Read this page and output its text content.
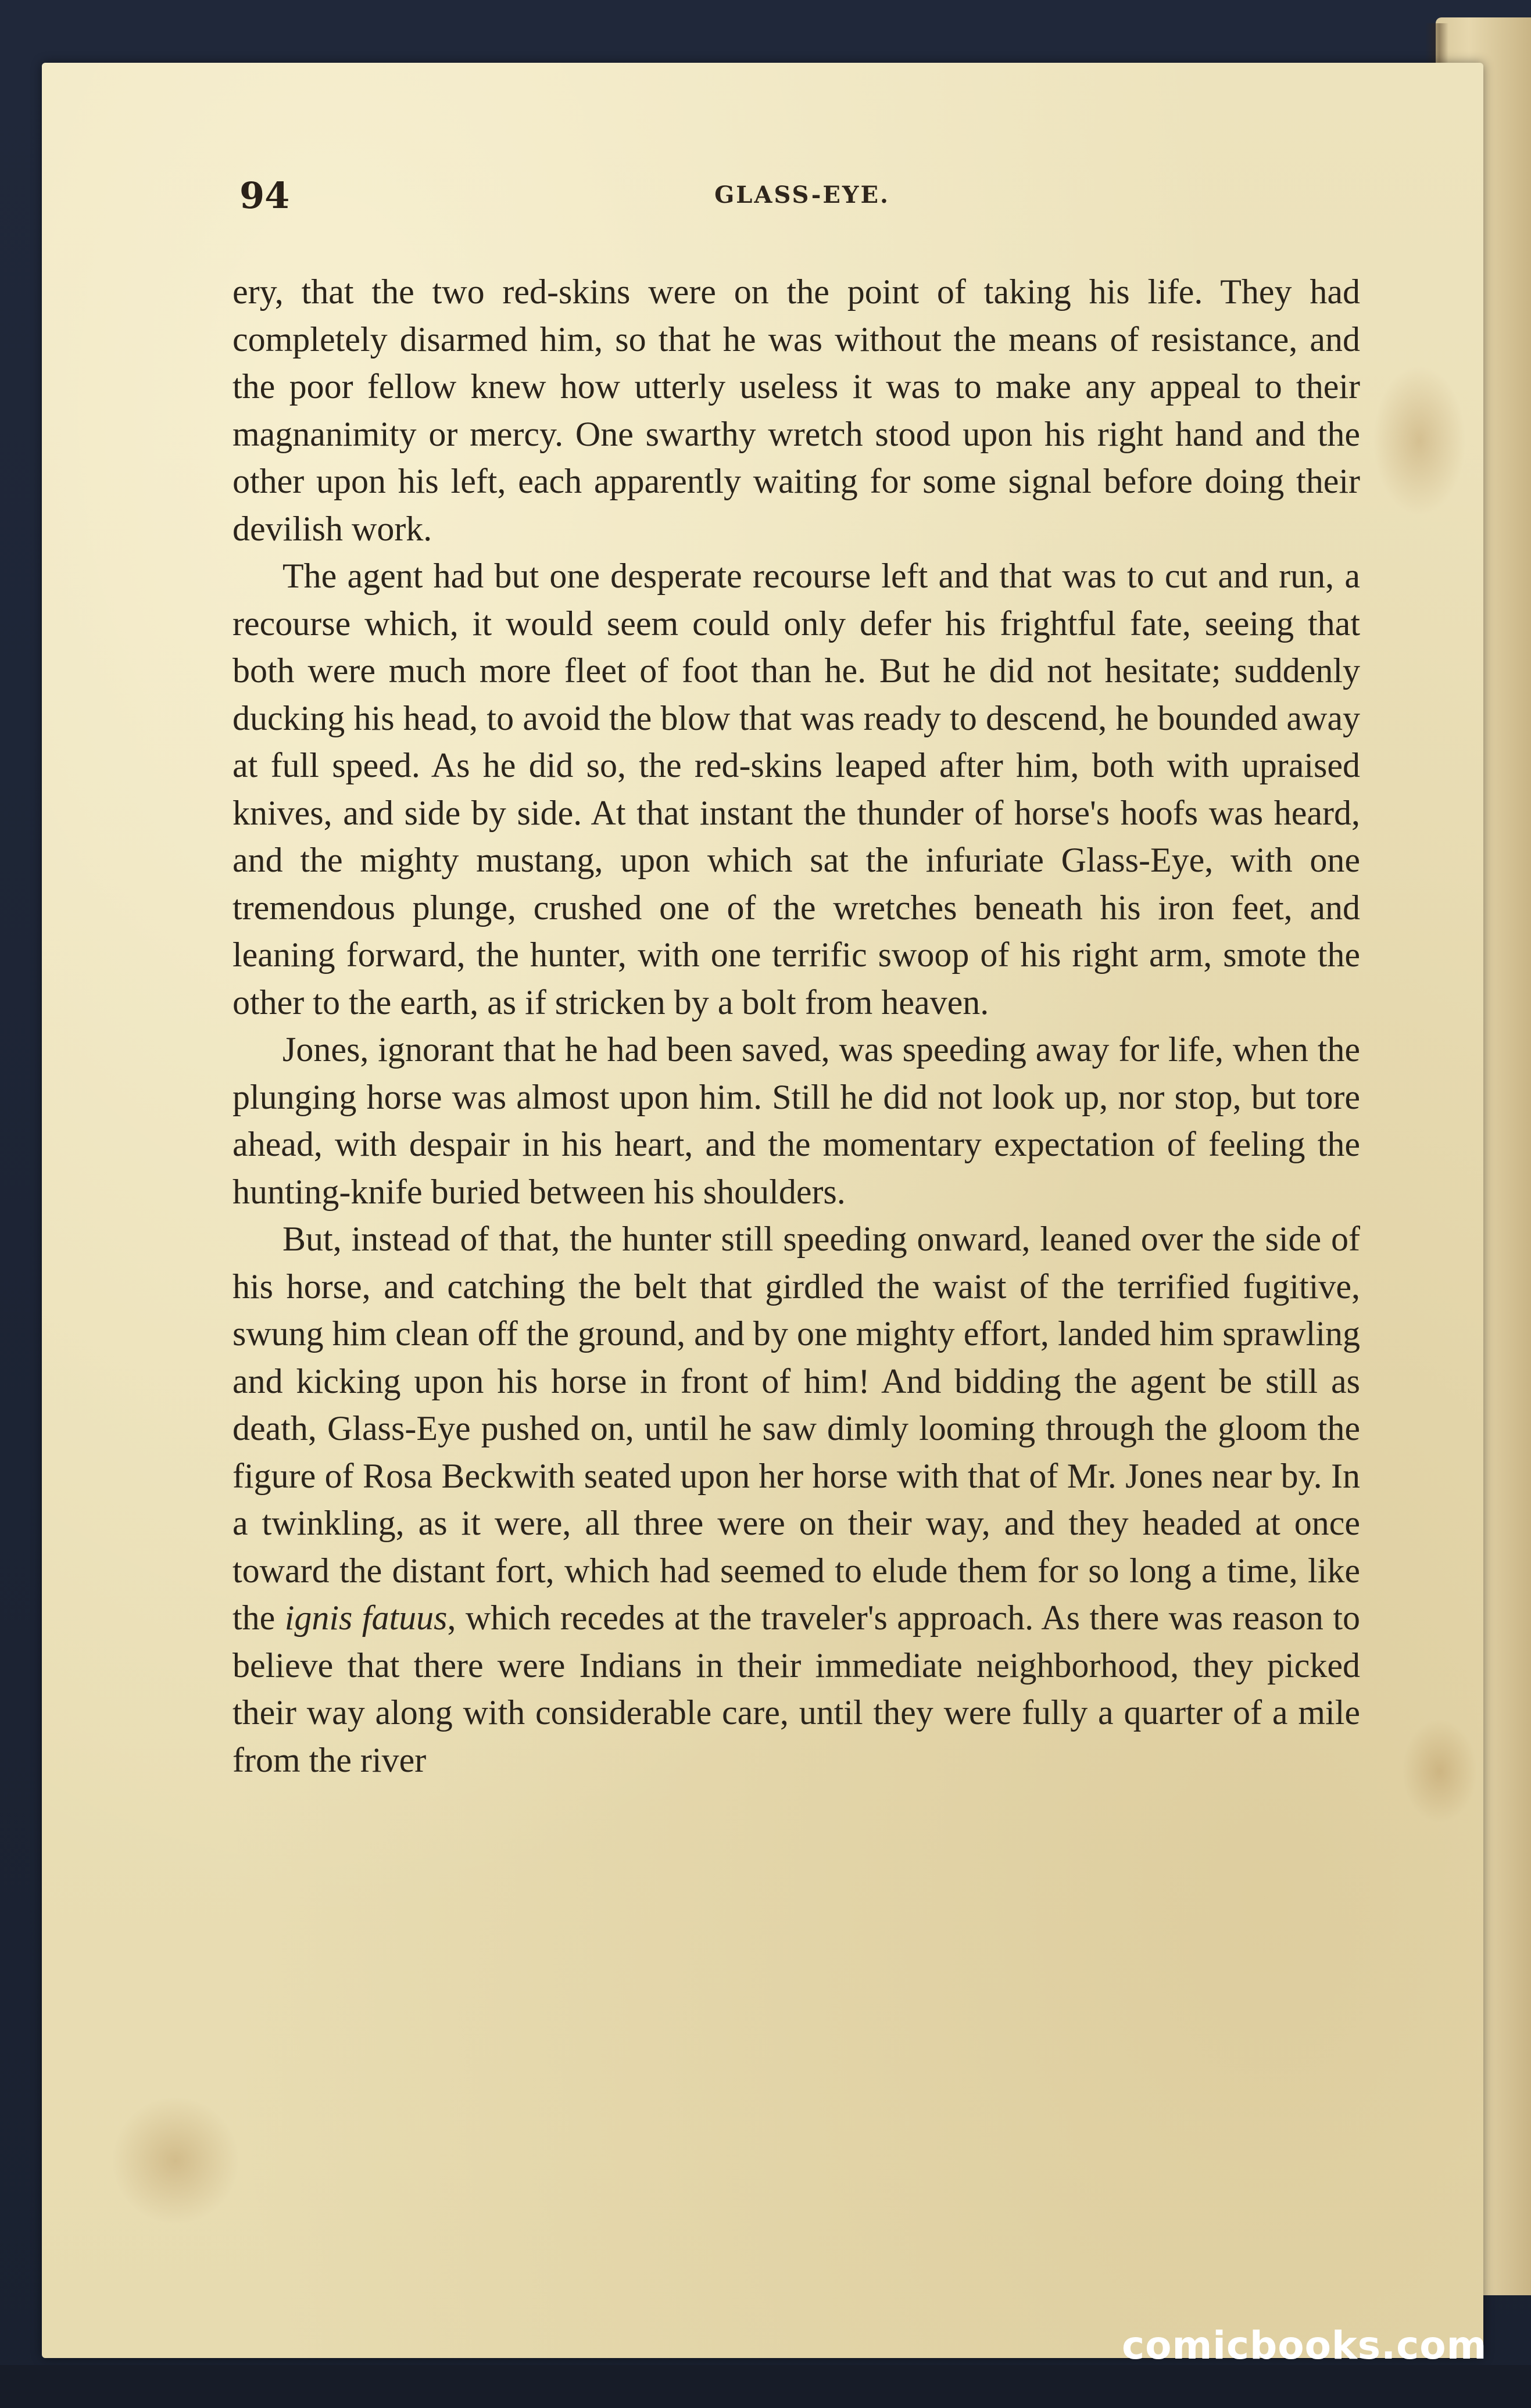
94	GLASS-EYE.

ery, that the two red-skins were on the point of taking his life. They had completely disarmed him, so that he was without the means of resistance, and the poor fellow knew how utterly useless it was to make any appeal to their magnanimity or mercy. One swarthy wretch stood upon his right hand and the other upon his left, each apparently waiting for some signal before doing their devilish work.

The agent had but one desperate recourse left and that was to cut and run, a recourse which, it would seem could only defer his frightful fate, seeing that both were much more fleet of foot than he. But he did not hesitate; suddenly ducking his head, to avoid the blow that was ready to descend, he bounded away at full speed. As he did so, the red-skins leaped after him, both with upraised knives, and side by side. At that instant the thunder of horse's hoofs was heard, and the mighty mustang, upon which sat the infuriate Glass-Eye, with one tremendous plunge, crushed one of the wretches beneath his iron feet, and leaning forward, the hunter, with one terrific swoop of his right arm, smote the other to the earth, as if stricken by a bolt from heaven.

Jones, ignorant that he had been saved, was speeding away for life, when the plunging horse was almost upon him. Still he did not look up, nor stop, but tore ahead, with despair in his heart, and the momentary expectation of feeling the hunting-knife buried between his shoulders.

But, instead of that, the hunter still speeding onward, leaned over the side of his horse, and catching the belt that girdled the waist of the terrified fugitive, swung him clean off the ground, and by one mighty effort, landed him sprawling and kicking upon his horse in front of him! And bidding the agent be still as death, Glass-Eye pushed on, until he saw dimly looming through the gloom the figure of Rosa Beckwith seated upon her horse with that of Mr. Jones near by. In a twinkling, as it were, all three were on their way, and they headed at once toward the distant fort, which had seemed to elude them for so long a time, like the ignis fatuus, which recedes at the traveler's approach. As there was reason to believe that there were Indians in their immediate neighborhood, they picked their way along with considerable care, until they were fully a quarter of a mile from the river

comicbooks.com
